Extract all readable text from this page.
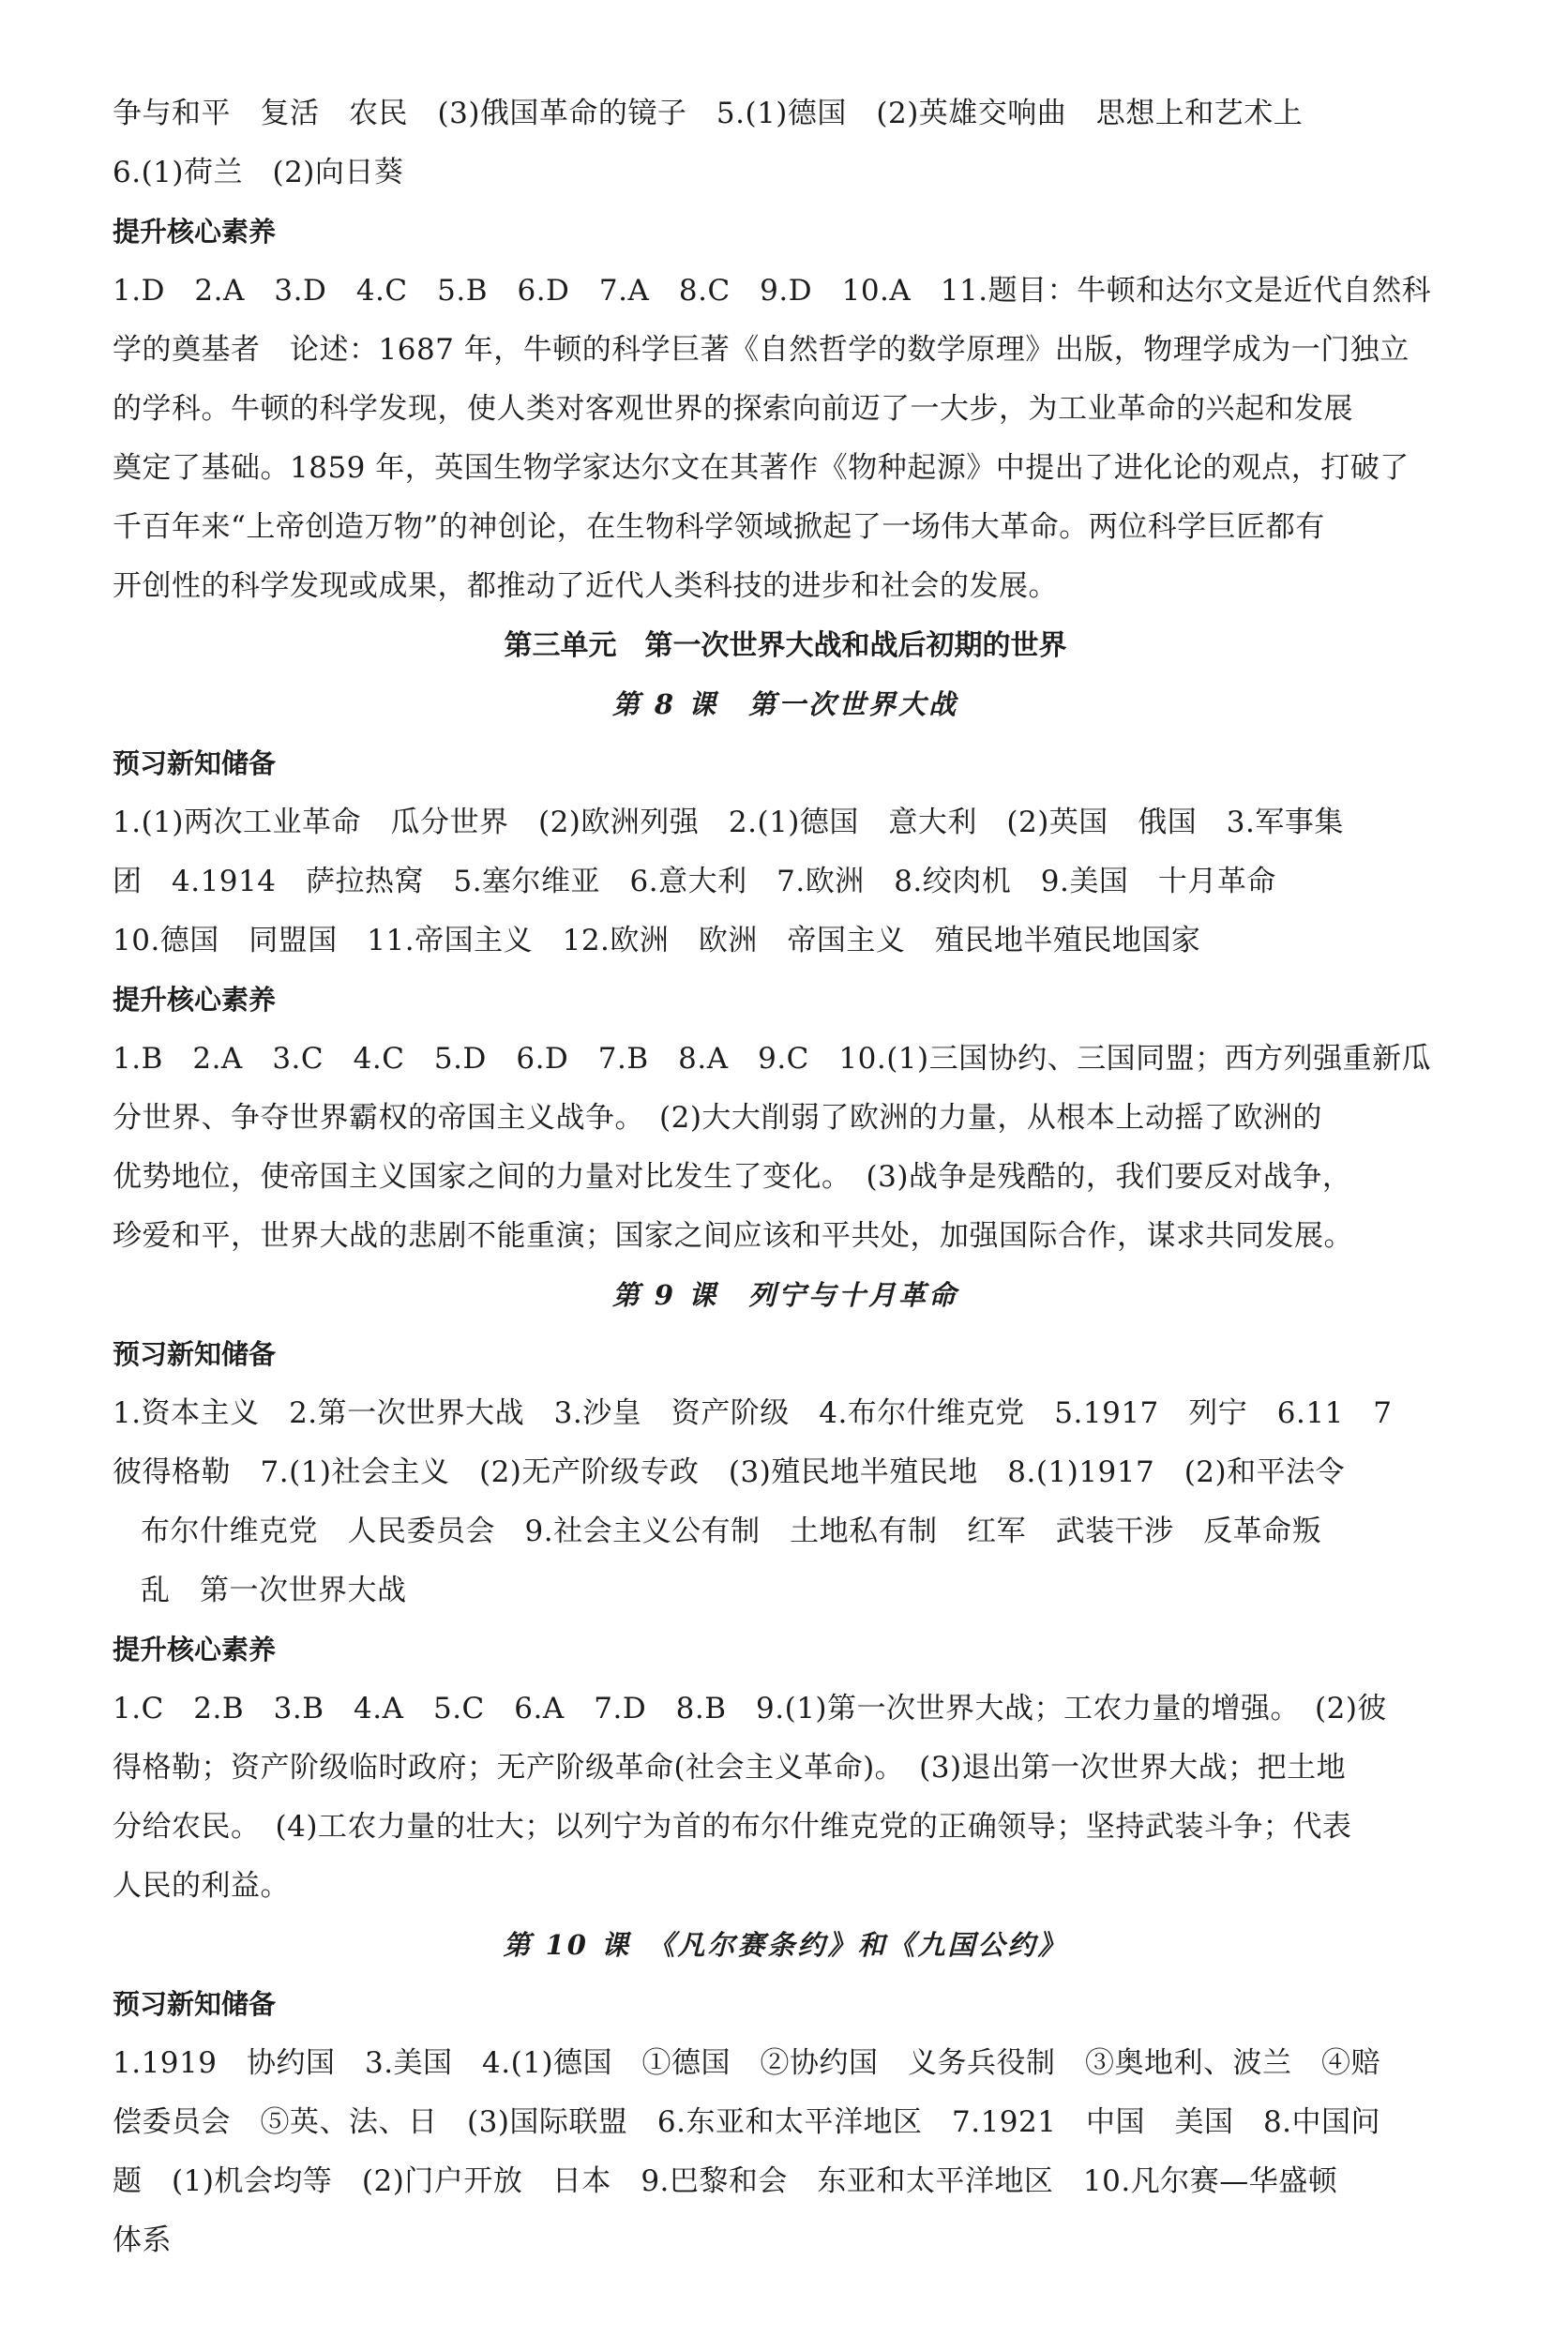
争与和平　复活　农民　(3)俄国革命的镜子　5.(1)德国　(2)英雄交响曲　思想上和艺术上
6.(1)荷兰　(2)向日葵
提升核心素养
1.D　2.A　3.D　4.C　5.B　6.D　7.A　8.C　9.D　10.A　11.题目：牛顿和达尔文是近代自然科
学的奠基者　论述：1687 年，牛顿的科学巨著《自然哲学的数学原理》出版，物理学成为一门独立
的学科。牛顿的科学发现，使人类对客观世界的探索向前迈了一大步，为工业革命的兴起和发展
奠定了基础。1859 年，英国生物学家达尔文在其著作《物种起源》中提出了进化论的观点，打破了
千百年来“上帝创造万物”的神创论，在生物科学领域掀起了一场伟大革命。两位科学巨匠都有
开创性的科学发现或成果，都推动了近代人类科技的进步和社会的发展。
第三单元　第一次世界大战和战后初期的世界
第 8 课　第一次世界大战
预习新知储备
1.(1)两次工业革命　瓜分世界　(2)欧洲列强　2.(1)德国　意大利　(2)英国　俄国　3.军事集
团　4.1914　萨拉热窝　5.塞尔维亚　6.意大利　7.欧洲　8.绞肉机　9.美国　十月革命
10.德国　同盟国　11.帝国主义　12.欧洲　欧洲　帝国主义　殖民地半殖民地国家
提升核心素养
1.B　2.A　3.C　4.C　5.D　6.D　7.B　8.A　9.C　10.(1)三国协约、三国同盟；西方列强重新瓜
分世界、争夺世界霸权的帝国主义战争。　(2)大大削弱了欧洲的力量，从根本上动摇了欧洲的
优势地位，使帝国主义国家之间的力量对比发生了变化。　(3)战争是残酷的，我们要反对战争，
珍爱和平，世界大战的悲剧不能重演；国家之间应该和平共处，加强国际合作，谋求共同发展。
第 9 课　列宁与十月革命
预习新知储备
1.资本主义　2.第一次世界大战　3.沙皇　资产阶级　4.布尔什维克党　5.1917　列宁　6.11　7
彼得格勒　7.(1)社会主义　(2)无产阶级专政　(3)殖民地半殖民地　8.(1)1917　(2)和平法令
布尔什维克党　人民委员会　9.社会主义公有制　土地私有制　红军　武装干涉　反革命叛
乱　第一次世界大战
提升核心素养
1.C　2.B　3.B　4.A　5.C　6.A　7.D　8.B　9.(1)第一次世界大战；工农力量的增强。　(2)彼
得格勒；资产阶级临时政府；无产阶级革命(社会主义革命)。　(3)退出第一次世界大战；把土地
分给农民。　(4)工农力量的壮大；以列宁为首的布尔什维克党的正确领导；坚持武装斗争；代表
人民的利益。
第 10 课　《凡尔赛条约》和《九国公约》
预习新知储备
1.1919　协约国　3.美国　4.(1)德国　①德国　②协约国　义务兵役制　③奥地利、波兰　④赔
偿委员会　⑤英、法、日　(3)国际联盟　6.东亚和太平洋地区　7.1921　中国　美国　8.中国问
题　(1)机会均等　(2)门户开放　日本　9.巴黎和会　东亚和太平洋地区　10.凡尔赛—华盛顿
体系
